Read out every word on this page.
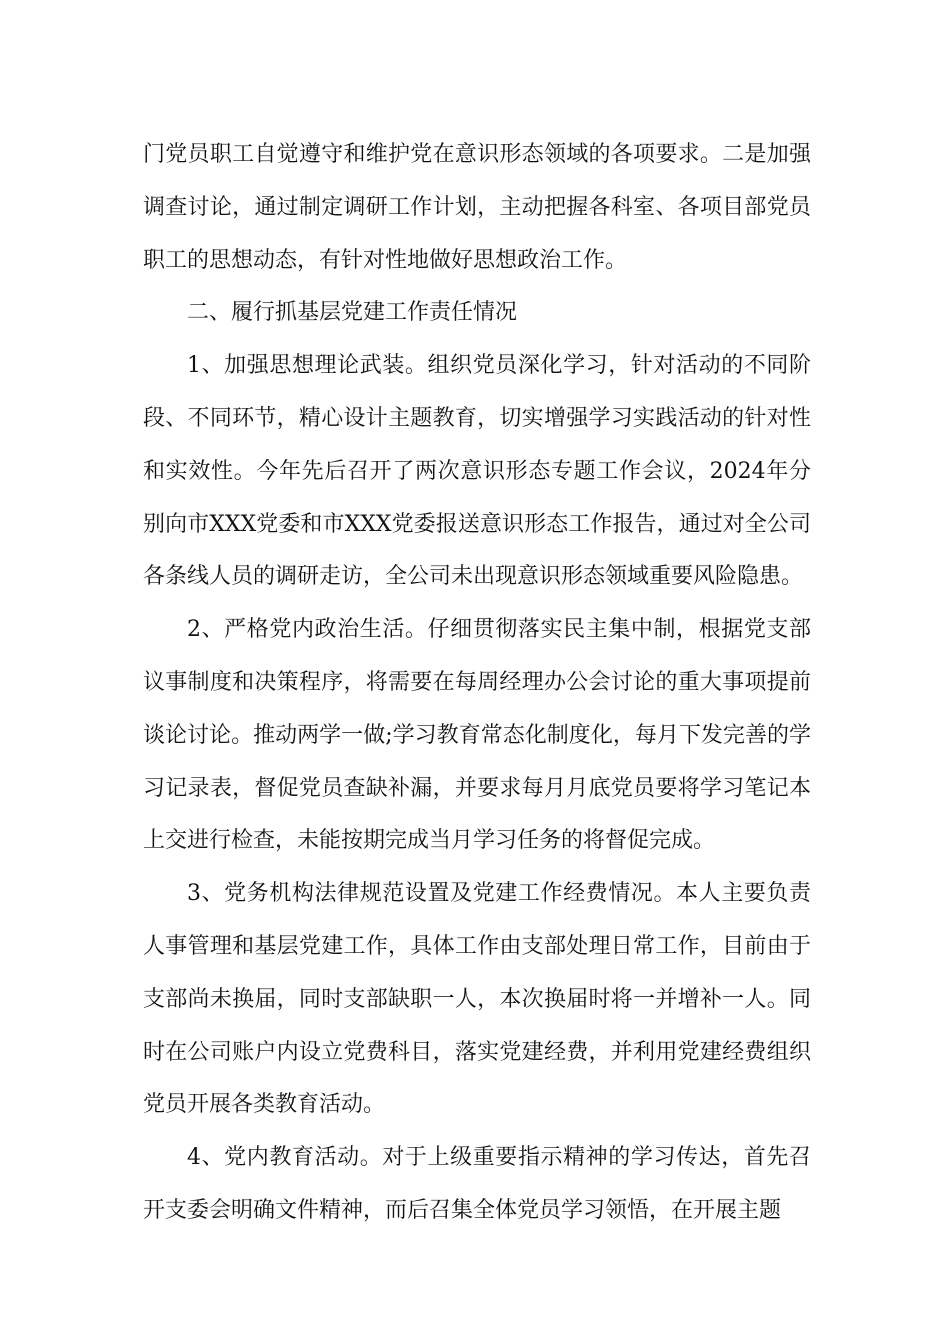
门党员职工自觉遵守和维护党在意识形态领域的各项要求。二是加强调查讨论，通过制定调研工作计划，主动把握各科室、各项目部党员职工的思想动态，有针对性地做好思想政治工作。

二、履行抓基层党建工作责任情况

1、加强思想理论武装。组织党员深化学习，针对活动的不同阶段、不同环节，精心设计主题教育，切实增强学习实践活动的针对性和实效性。今年先后召开了两次意识形态专题工作会议，2024年分别向市XXX党委和市XXX党委报送意识形态工作报告，通过对全公司各条线人员的调研走访，全公司未出现意识形态领域重要风险隐患。

2、严格党内政治生活。仔细贯彻落实民主集中制，根据党支部议事制度和决策程序，将需要在每周经理办公会讨论的重大事项提前谈论讨论。推动两学一做;学习教育常态化制度化，每月下发完善的学习记录表，督促党员查缺补漏，并要求每月月底党员要将学习笔记本上交进行检查，未能按期完成当月学习任务的将督促完成。

3、党务机构法律规范设置及党建工作经费情况。本人主要负责人事管理和基层党建工作，具体工作由支部处理日常工作，目前由于支部尚未换届，同时支部缺职一人，本次换届时将一并增补一人。同时在公司账户内设立党费科目，落实党建经费，并利用党建经费组织党员开展各类教育活动。

4、党内教育活动。对于上级重要指示精神的学习传达，首先召开支委会明确文件精神，而后召集全体党员学习领悟，在开展主题
